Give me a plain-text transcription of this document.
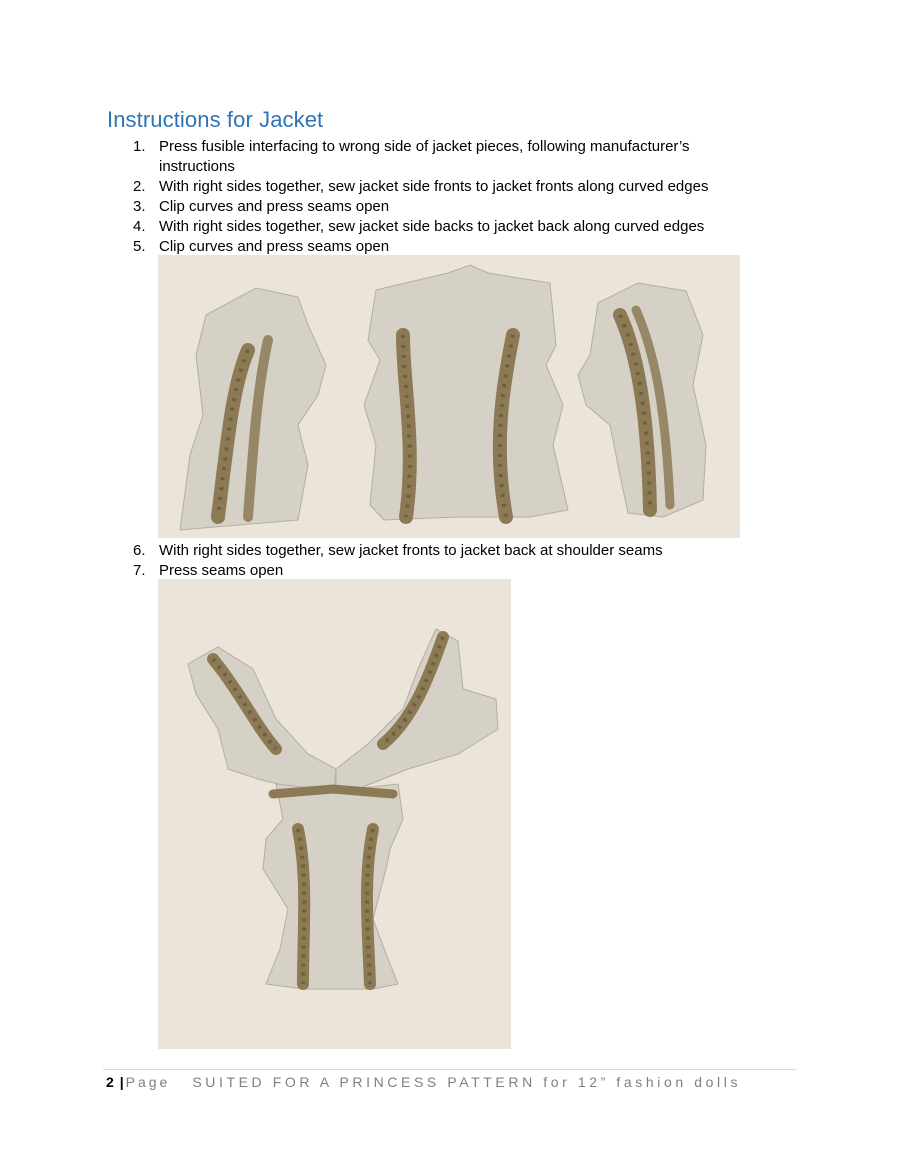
Instructions for Jacket
1. Press fusible interfacing to wrong side of jacket pieces, following manufacturer’s instructions
2. With right sides together, sew jacket side fronts to jacket fronts along curved edges
3. Clip curves and press seams open
4. With right sides together, sew jacket side backs to jacket back along curved edges
5. Clip curves and press seams open
6. With right sides together, sew jacket fronts to jacket back at shoulder seams
7. Press seams open
2 | Page SUITED FOR A PRINCESS PATTERN for 12” fashion dolls
